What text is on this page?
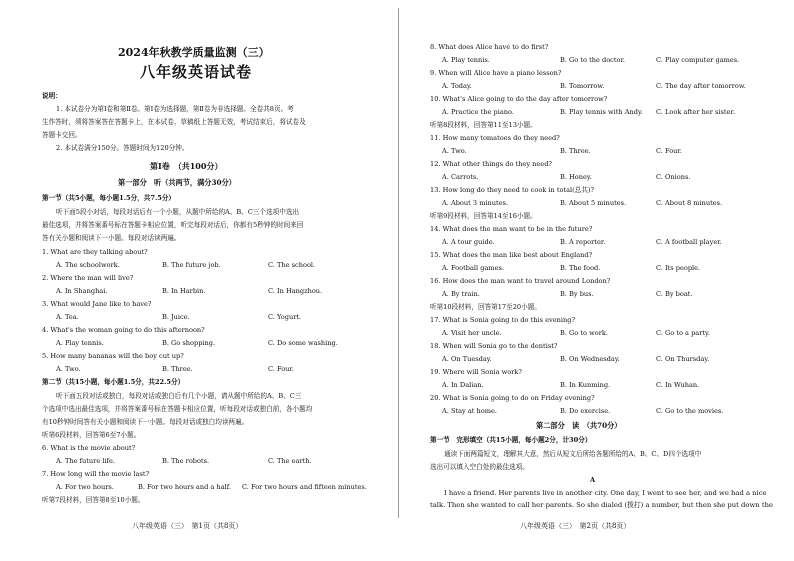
2024年秋教学质量监测（三）
八年级英语试卷
说明：
1. 本试卷分为第Ⅰ卷和第Ⅱ卷。第Ⅰ卷为选择题，第Ⅱ卷为非选择题。全卷共8页。考
生作答时，须将答案答在答题卡上，在本试卷、草稿纸上答题无效，考试结束后，将试卷及
答题卡交回。
2. 本试卷满分150分。答题时间为120分钟。
第Ⅰ卷　（共100分）
第一部分　听（共两节，满分30分）
第一节（共5小题，每小题1.5分，共7.5分）
听下面5段小对话，每段对话后有一个小题，从题中所给的A、B、C三个选项中选出
最佳选项，并将答案番号标在答题卡相应位置，听完每段对话后，你都有5秒钟的时间来回
答有关小题和阅读下一小题。每段对话读两遍。
1. What are they talking about?
A. The schoolwork.	B. The future job.	C. The school.
2. Where the man will live?
A. In Shanghai.	B. In Harbin.	C. In Hangzhou.
3. What would Jane like to have?
A. Tea.	B. Juice.	C. Yogurt.
4. What's the woman going to do this afternoon?
A. Play tennis.	B. Go shopping.	C. Do some washing.
5. How many bananas will the boy cut up?
A. Two.	B. Three.	C. Four.
第二节（共15小题，每小题1.5分，共22.5分）
听下面五段对话或独白，每段对话或独白后有几个小题，请从题中所给的A、B、C三
个选项中选出最佳选项，并将答案番号标在答题卡相应位置，听每段对话或独白前，各小题均
有10秒钟时间答有关小题和阅读下一小题。每段对话或独白均读两遍。
听第6段材料，回答第6至7小题。
6. What is the movie about?
A. The future life.	B. The robots.	C. The earth.
7. How long will the movie last?
A. For two hours.	B. For two hours and a half. C. For two hours and fifteen minutes.
听第7段材料，回答第8至10小题。
八年级英语（三）　第1页（共8页）
8. What does Alice have to do first?
A. Play tennis.	B. Go to the doctor.	C. Play computer games.
9. When will Alice have a piano lesson?
A. Today.	B. Tomorrow.	C. The day after tomorrow.
10. What's Alice going to do the day after tomorrow?
A. Practice the piano.	B. Play tennis with Andy. C. Look after her sister.
听第8段材料，回答第11至13小题。
11. How many tomatoes do they need?
A. Two.	B. Three.	C. Four.
12. What other things do they need?
A. Carrots.	B. Honey.	C. Onions.
13. How long do they need to cook in total(总共)?
A. About 3 minutes.	B. About 5 minutes.	C. About 8 minutes.
听第9段材料，回答第14至16小题。
14. What does the man want to be in the future?
A. A tour guide.	B. A reporter.	C. A football player.
15. What does the man like best about England?
A. Football games.	B. The food.	C. Its people.
16. How does the man want to travel around London?
A. By train.	B. By bus.	C. By boat.
听第10段材料，回答第17至20小题。
17. What is Sonia going to do this evening?
A. Visit her uncle.	B. Go to work.	C. Go to a party.
18. When will Sonia go to the dentist?
A. On Tuesday.	B. On Wednesday.	C. On Thursday.
19. Where will Sonia work?
A. In Dalian.	B. In Kunming.	C. In Wuhan.
20. What is Sonia going to do on Friday evening?
A. Stay at home.	B. Do exercise.	C. Go to the movies.
第二部分　读　（共70分）
第一节　完形填空（共15小题，每小题2分，计30分）
通读下面两篇短文，理解其大意，然后从短文后所给各题所给的A、B、C、D四个选项中
选出可以填入空白处的最佳选项。
A
I have a friend. Her parents live in another city. One day, I went to see her, and we had a nice
talk. Then she wanted to call her parents. So she dialed (拨打) a number, but then she put down the
八年级英语（三）　第2页（共8页）
